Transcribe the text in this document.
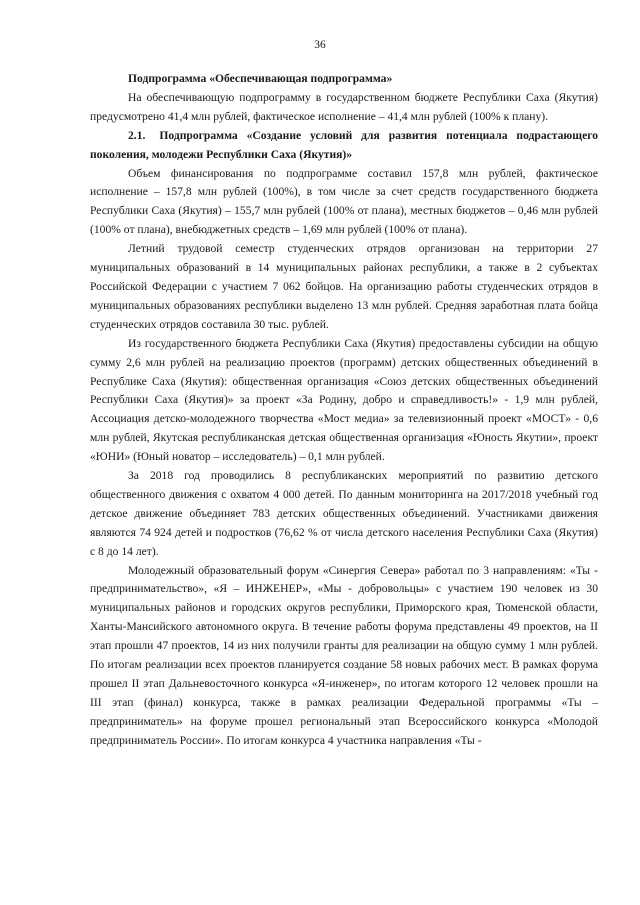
36

Подпрограмма «Обеспечивающая подпрограмма»

На обеспечивающую подпрограмму в государственном бюджете Республики Саха (Якутия) предусмотрено 41,4 млн рублей, фактическое исполнение – 41,4 млн рублей (100% к плану).

2.1. Подпрограмма «Создание условий для развития потенциала подрастающего поколения, молодежи Республики Саха (Якутия)»

Объем финансирования по подпрограмме составил 157,8 млн рублей, фактическое исполнение – 157,8 млн рублей (100%), в том числе за счет средств государственного бюджета Республики Саха (Якутия) – 155,7 млн рублей (100% от плана), местных бюджетов – 0,46 млн рублей (100% от плана), внебюджетных средств – 1,69 млн рублей (100% от плана).

Летний трудовой семестр студенческих отрядов организован на территории 27 муниципальных образований в 14 муниципальных районах республики, а также в 2 субъектах Российской Федерации с участием 7 062 бойцов. На организацию работы студенческих отрядов в муниципальных образованиях республики выделено 13 млн рублей. Средняя заработная плата бойца студенческих отрядов составила 30 тыс. рублей.

Из государственного бюджета Республики Саха (Якутия) предоставлены субсидии на общую сумму 2,6 млн рублей на реализацию проектов (программ) детских общественных объединений в Республике Саха (Якутия): общественная организация «Союз детских общественных объединений Республики Саха (Якутия)» за проект «За Родину, добро и справедливость!» - 1,9 млн рублей, Ассоциация детско-молодежного творчества «Мост медиа» за телевизионный проект «МОСТ» - 0,6 млн рублей, Якутская республиканская детская общественная организация «Юность Якутии», проект «ЮНИ» (Юный новатор – исследователь) – 0,1 млн рублей.

За 2018 год проводились 8 республиканских мероприятий по развитию детского общественного движения с охватом 4 000 детей. По данным мониторинга на 2017/2018 учебный год детское движение объединяет 783 детских общественных объединений. Участниками движения являются 74 924 детей и подростков (76,62 % от числа детского населения Республики Саха (Якутия) с 8 до 14 лет).

Молодежный образовательный форум «Синергия Севера» работал по 3 направлениям: «Ты - предпринимательство», «Я – ИНЖЕНЕР», «Мы - добровольцы» с участием 190 человек из 30 муниципальных районов и городских округов республики, Приморского края, Тюменской области, Ханты-Мансийского автономного округа. В течение работы форума представлены 49 проектов, на II этап прошли 47 проектов, 14 из них получили гранты для реализации на общую сумму 1 млн рублей. По итогам реализации всех проектов планируется создание 58 новых рабочих мест. В рамках форума прошел II этап Дальневосточного конкурса «Я-инженер», по итогам которого 12 человек прошли на III этап (финал) конкурса, также в рамках реализации Федеральной программы «Ты – предприниматель» на форуме прошел региональный этап Всероссийского конкурса «Молодой предприниматель России». По итогам конкурса 4 участника направления «Ты -
